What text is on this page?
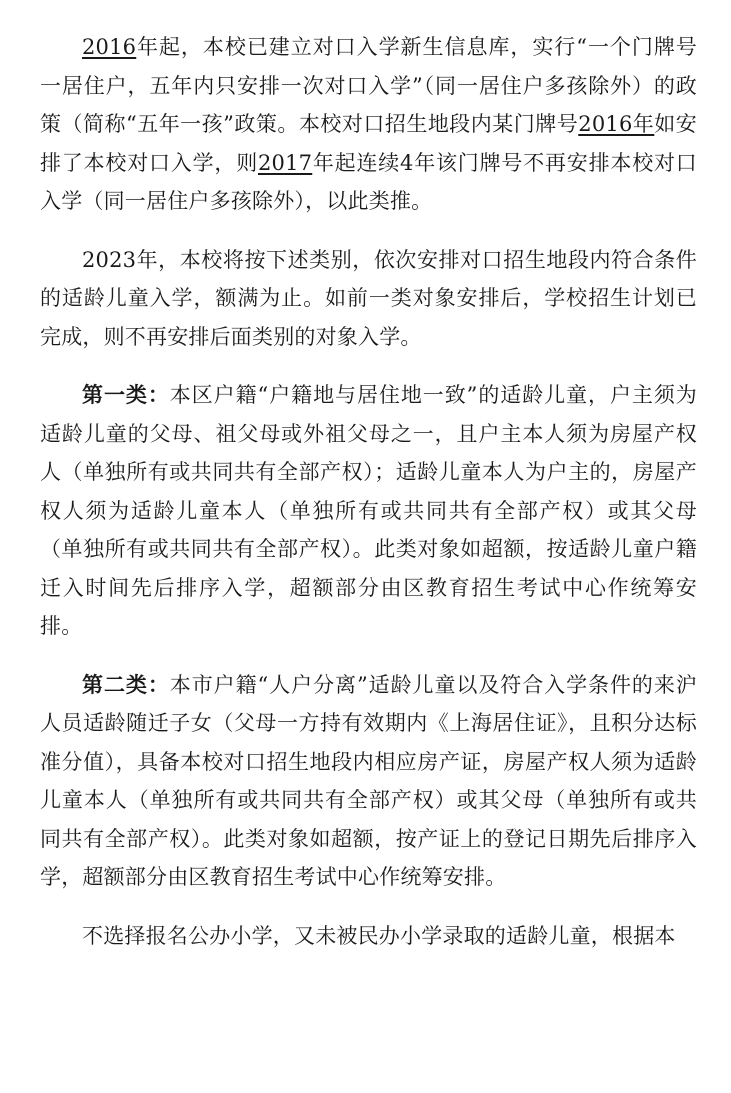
2016年起，本校已建立对口入学新生信息库，实行“一个门牌号一居住户，五年内只安排一次对口入学”（同一居住户多孩除外）的政策（简称“五年一孩”政策。本校对口招生地段内某门牌号2016年如安排了本校对口入学，则2017年起连续4年该门牌号不再安排本校对口入学（同一居住户多孩除外），以此类推。

2023年，本校将按下述类别，依次安排对口招生地段内符合条件的适龄儿童入学，额满为止。如前一类对象安排后，学校招生计划已完成，则不再安排后面类别的对象入学。

第一类：本区户籍“户籍地与居住地一致”的适龄儿童，户主须为适龄儿童的父母、祖父母或外祖父母之一，且户主本人须为房屋产权人（单独所有或共同共有全部产权）；适龄儿童本人为户主的，房屋产权人须为适龄儿童本人（单独所有或共同共有全部产权）或其父母（单独所有或共同共有全部产权）。此类对象如超额，按适龄儿童户籍迁入时间先后排序入学，超额部分由区教育招生考试中心作统筹安排。

第二类：本市户籍“人户分离”适龄儿童以及符合入学条件的来沪人员适龄随迁子女（父母一方持有效期内《上海居住证》，且积分达标准分值），具备本校对口招生地段内相应房产证，房屋产权人须为适龄儿童本人（单独所有或共同共有全部产权）或其父母（单独所有或共同共有全部产权）。此类对象如超额，按产证上的登记日期先后排序入学，超额部分由区教育招生考试中心作统筹安排。

不选择报名公办小学，又未被民办小学录取的适龄儿童，根据本
